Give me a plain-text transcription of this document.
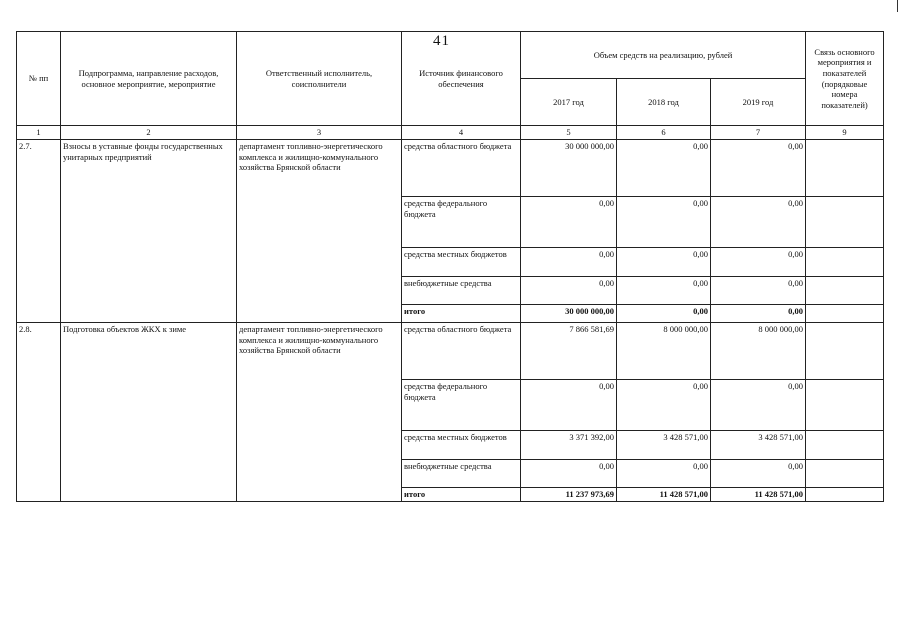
41
№ пп	Подпрограмма, направление расходов, основное мероприятие, мероприятие	Ответственный исполнитель, соисполнители	Источник финансового обеспечения	Объем средств на реализацию, рублей			Связь основного мероприятия и показателей (порядковые номера показателей)
				2017 год	2018 год	2019 год	
1	2	3	4	5	6	7	9
2.7.	Взносы в уставные фонды государственных унитарных предприятий	департамент топливно-энергетического комплекса и жилищно-коммунального хозяйства Брянской области	средства областного бюджета	30 000 000,00	0,00	0,00	
			средства федерального бюджета	0,00	0,00	0,00	
			средства местных бюджетов	0,00	0,00	0,00	
			внебюджетные средства	0,00	0,00	0,00	
			итого	30 000 000,00	0,00	0,00	
2.8.	Подготовка объектов ЖКХ к зиме	департамент топливно-энергетического комплекса и жилищно-коммунального хозяйства Брянской области	средства областного бюджета	7 866 581,69	8 000 000,00	8 000 000,00	
			средства федерального бюджета	0,00	0,00	0,00	
			средства местных бюджетов	3 371 392,00	3 428 571,00	3 428 571,00	
			внебюджетные средства	0,00	0,00	0,00	
			итого	11 237 973,69	11 428 571,00	11 428 571,00	
